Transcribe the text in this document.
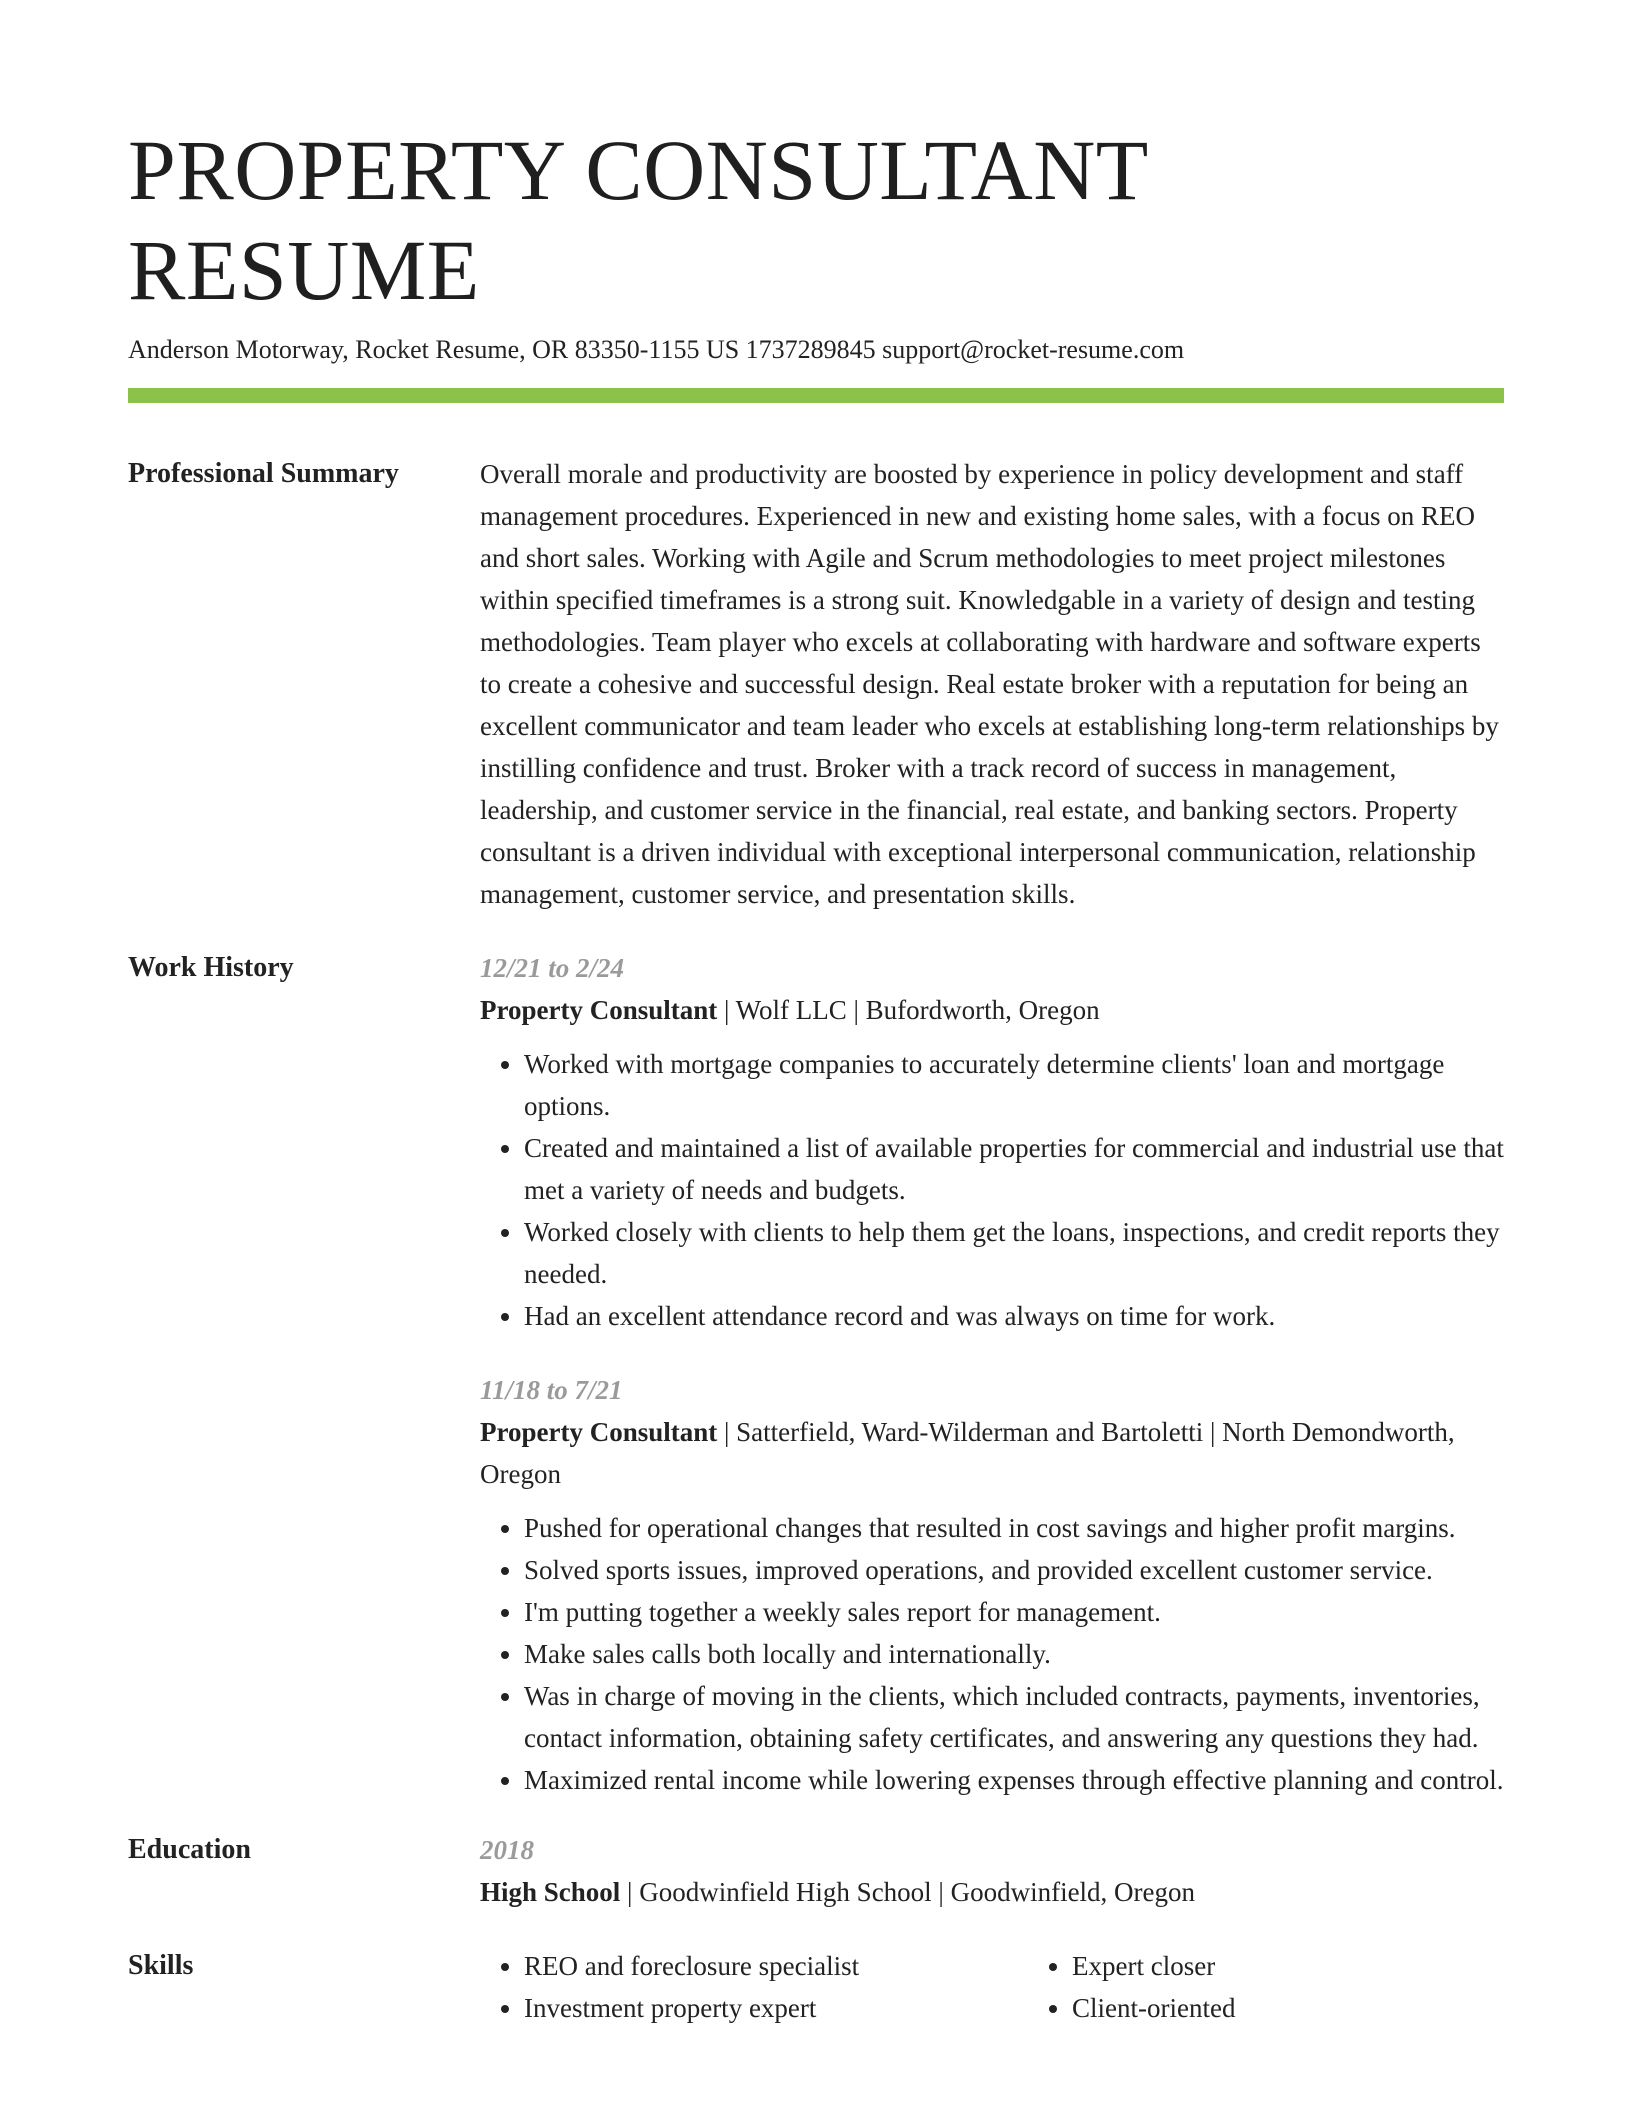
PROPERTY CONSULTANT RESUME
Anderson Motorway, Rocket Resume, OR 83350-1155 US 1737289845 support@rocket-resume.com
Professional Summary	Overall morale and productivity are boosted by experience in policy development and staff management procedures. Experienced in new and existing home sales, with a focus on REO and short sales. Working with Agile and Scrum methodologies to meet project milestones within specified timeframes is a strong suit. Knowledgable in a variety of design and testing methodologies. Team player who excels at collaborating with hardware and software experts to create a cohesive and successful design. Real estate broker with a reputation for being an excellent communicator and team leader who excels at establishing long-term relationships by instilling confidence and trust. Broker with a track record of success in management, leadership, and customer service in the financial, real estate, and banking sectors. Property consultant is a driven individual with exceptional interpersonal communication, relationship management, customer service, and presentation skills.
Work History	12/21 to 2/24
Property Consultant | Wolf LLC | Bufordworth, Oregon
• Worked with mortgage companies to accurately determine clients' loan and mortgage options.
• Created and maintained a list of available properties for commercial and industrial use that met a variety of needs and budgets.
• Worked closely with clients to help them get the loans, inspections, and credit reports they needed.
• Had an excellent attendance record and was always on time for work.
11/18 to 7/21
Property Consultant | Satterfield, Ward-Wilderman and Bartoletti | North Demondworth, Oregon
• Pushed for operational changes that resulted in cost savings and higher profit margins.
• Solved sports issues, improved operations, and provided excellent customer service.
• I'm putting together a weekly sales report for management.
• Make sales calls both locally and internationally.
• Was in charge of moving in the clients, which included contracts, payments, inventories, contact information, obtaining safety certificates, and answering any questions they had.
• Maximized rental income while lowering expenses through effective planning and control.
Education	2018
High School | Goodwinfield High School | Goodwinfield, Oregon
Skills
•	REO and foreclosure specialist
• Investment property expert
• Expert closer
• Client-oriented
